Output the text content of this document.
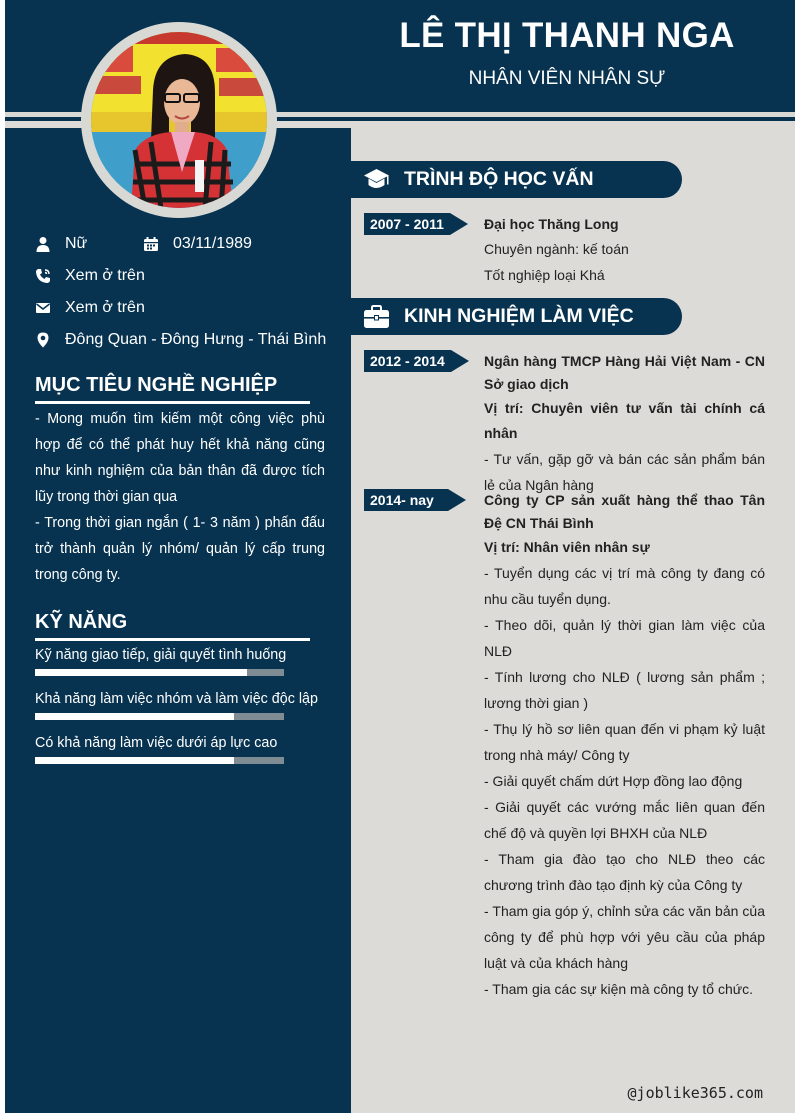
LÊ THỊ THANH NGA
NHÂN VIÊN NHÂN SỰ
Nữ	03/11/1989
Xem ở trên
Xem ở trên
Đông Quan - Đông Hưng - Thái Bình
MỤC TIÊU NGHỀ NGHIỆP

- Mong muốn tìm kiếm một công việc phù hợp để có thể phát huy hết khả năng cũng như kinh nghiệm của bản thân đã được tích lũy trong thời gian qua

- Trong thời gian ngắn ( 1- 3 năm ) phấn đấu trở thành quản lý nhóm/ quản lý cấp trung trong công ty.

KỸ NĂNG
Kỹ năng giao tiếp, giải quyết tình huống
Khả năng làm việc nhóm và làm việc độc lập
Có khả năng làm việc dưới áp lực cao
TRÌNH ĐỘ HỌC VẤN
2007 - 2011	Đại học Thăng Long
Chuyên ngành: kế toán
Tốt nghiệp loại Khá
KINH NGHIỆM LÀM VIỆC
2012 - 2014	Ngân hàng TMCP Hàng Hải Việt Nam - CN Sở giao dịch
Vị trí: Chuyên viên tư vấn tài chính cá nhân
- Tư vấn, gặp gỡ và bán các sản phẩm bán lẻ của Ngân hàng
2014- nay	Công ty CP sản xuất hàng thể thao Tân Đệ CN Thái Bình
Vị trí: Nhân viên nhân sự
- Tuyển dụng các vị trí mà công ty đang có nhu cầu tuyển dụng.
- Theo dõi, quản lý thời gian làm việc của NLĐ
- Tính lương cho NLĐ ( lương sản phẩm ; lương thời gian )
- Thụ lý hồ sơ liên quan đến vi phạm kỷ luật trong nhà máy/ Công ty
- Giải quyết chấm dứt Hợp đồng lao động
- Giải quyết các vướng mắc liên quan đến chế độ và quyền lợi BHXH của NLĐ
- Tham gia đào tạo cho NLĐ theo các chương trình đào tạo định kỳ của Công ty
- Tham gia góp ý, chỉnh sửa các văn bản của công ty để phù hợp với yêu cầu của pháp luật và của khách hàng
- Tham gia các sự kiện mà công ty tổ chức.
@joblike365.com
